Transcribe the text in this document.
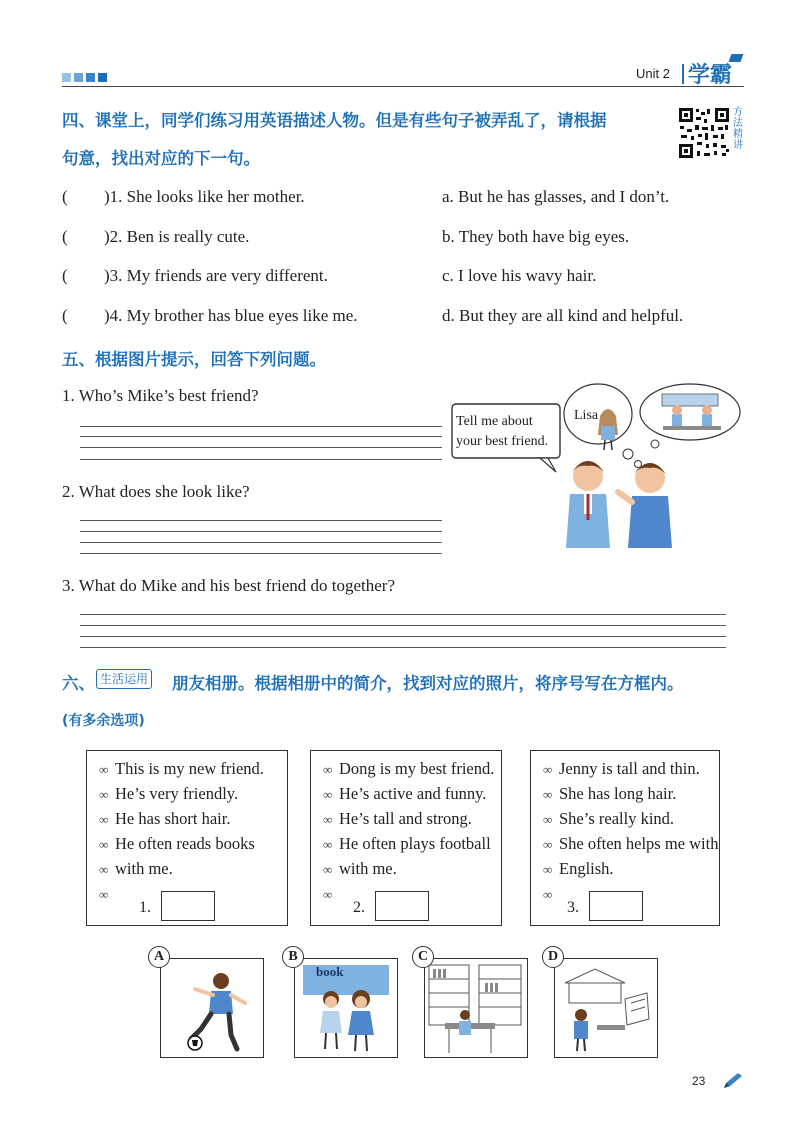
Unit 2 学霸
方法精讲
四、课堂上，同学们练习用英语描述人物。但是有些句子被弄乱了，请根据
句意，找出对应的下一句。
( )1. She looks like her mother.	a. But he has glasses, and I don’t.
( )2. Ben is really cute.	b. They both have big eyes.
( )3. My friends are very different.	c. I love his wavy hair.
( )4. My brother has blue eyes like me.	d. But they are all kind and helpful.
五、根据图片提示，回答下列问题。
1. Who’s Mike’s best friend?
2. What does she look like?
3. What do Mike and his best friend do together?
Tell me about
your best friend.
Lisa
六、 生活运用 朋友相册。根据相册中的简介，找到对应的照片，将序号写在方框内。
(有多余选项)
∞ This is my new friend.
∞ He’s very friendly.
∞ He has short hair.
∞ He often reads books
∞ with me.
∞
1.
∞ Dong is my best friend.
∞ He’s active and funny.
∞ He’s tall and strong.
∞ He often plays football
∞ with me.
∞
2.
∞ Jenny is tall and thin.
∞ She has long hair.
∞ She’s really kind.
∞ She often helps me with
∞ English.
∞
3.
A
book
B	C	D
23
